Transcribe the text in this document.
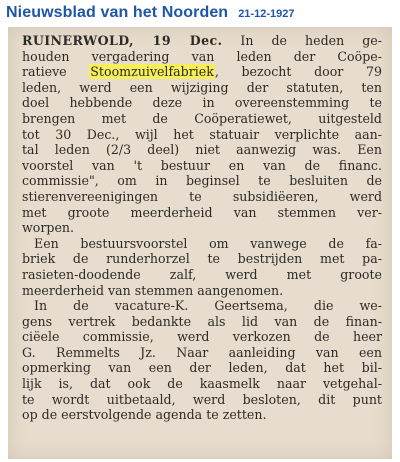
Nieuwsblad van het Noorden 21-12-1927
RUINERWOLD, 19 Dec. In de heden ge-
houden vergadering van leden der Coöpe-
ratieve Stoomzuivelfabriek, bezocht door 79
leden, werd een wijziging der statuten, ten
doel hebbende deze in overeenstemming te
brengen met de Coöperatiewet, uitgesteld
tot 30 Dec., wijl het statuair verplichte aan-
tal leden (2/3 deel) niet aanwezig was. Een
voorstel van 't bestuur en van de financ.
commissie", om in beginsel te besluiten de
stierenvereenigingen te subsidiëeren, werd
met groote meerderheid van stemmen ver-
worpen.
Een bestuursvoorstel om vanwege de fa-
briek de runderhorzel te bestrijden met pa-
rasieten-doodende zalf, werd met groote
meerderheid van stemmen aangenomen.
In de vacature-K. Geertsema, die we-
gens vertrek bedankte als lid van de finan-
ciëele commissie, werd verkozen de heer
G. Remmelts Jz. Naar aanleiding van een
opmerking van een der leden, dat het bil-
lijk is, dat ook de kaasmelk naar vetgehal-
te wordt uitbetaald, werd besloten, dit punt
op de eerstvolgende agenda te zetten.
